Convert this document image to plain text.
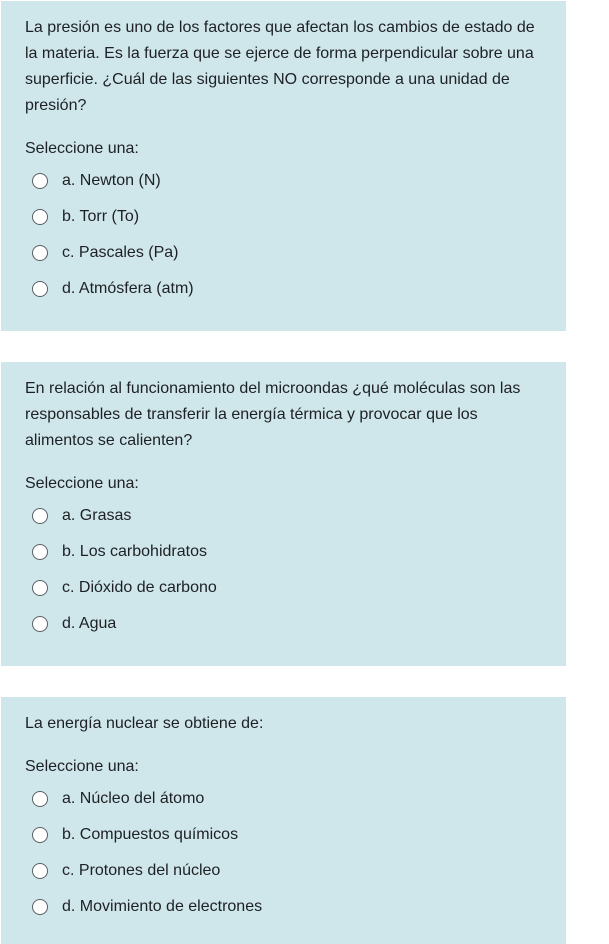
La presión es uno de los factores que afectan los cambios de estado de la materia. Es la fuerza que se ejerce de forma perpendicular sobre una superficie. ¿Cuál de las siguientes NO corresponde a una unidad de presión?

Seleccione una:

a. Newton (N)
b. Torr (To)
c. Pascales (Pa)
d. Atmósfera (atm)

En relación al funcionamiento del microondas ¿qué moléculas son las responsables de transferir la energía térmica y provocar que los alimentos se calienten?

Seleccione una:

a. Grasas
b. Los carbohidratos
c. Dióxido de carbono
d. Agua

La energía nuclear se obtiene de:

Seleccione una:

a. Núcleo del átomo
b. Compuestos químicos
c. Protones del núcleo
d. Movimiento de electrones
